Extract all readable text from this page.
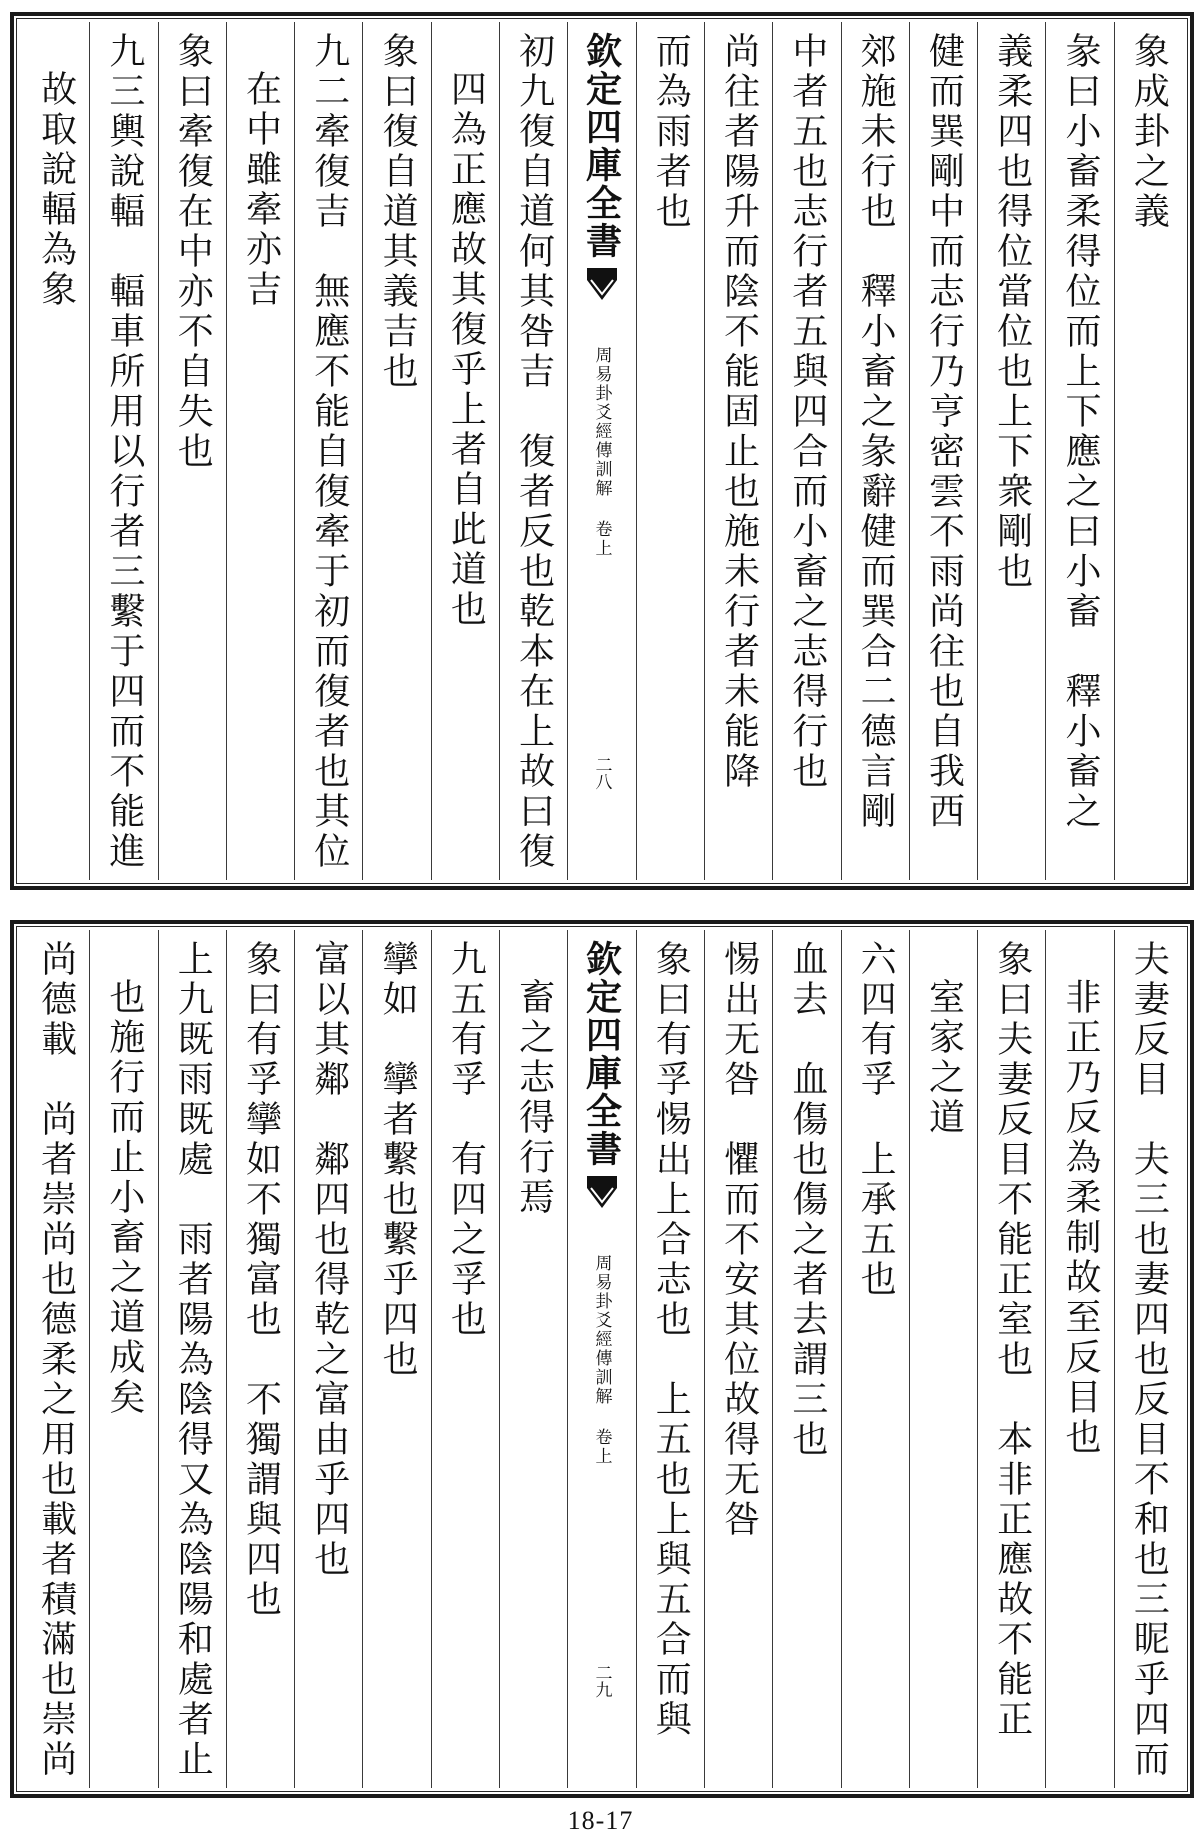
象成卦之義
彖曰小畜柔得位而上下應之曰小畜　釋小畜之
義柔四也得位當位也上下衆剛也
健而巽剛中而志行乃亨密雲不雨尚往也自我西
郊施未行也　釋小畜之彖辭健而巽合二德言剛
中者五也志行者五與四合而小畜之志得行也
尚往者陽升而陰不能固止也施未行者未能降
而為雨者也
欽定四庫全書
周易卦爻經傳訓解 卷上
二八
初九復自道何其咎吉　復者反也乾本在上故曰復
四為正應故其復乎上者自此道也
象曰復自道其義吉也
九二牽復吉　無應不能自復牽于初而復者也其位
在中雖牽亦吉
象曰牽復在中亦不自失也
九三輿說輻　輻車所用以行者三繫于四而不能進
故取說輻為象
夫妻反目　夫三也妻四也反目不和也三昵乎四而
非正乃反為柔制故至反目也
象曰夫妻反目不能正室也　本非正應故不能正
室家之道
六四有孚　上承五也
血去　血傷也傷之者去謂三也
惕出无咎　懼而不安其位故得无咎
象曰有孚惕出上合志也　上五也上與五合而與
欽定四庫全書
周易卦爻經傳訓解 卷上
二九
畜之志得行焉
九五有孚　有四之孚也
攣如　攣者繫也繫乎四也
富以其鄰　鄰四也得乾之富由乎四也
象曰有孚攣如不獨富也　不獨謂與四也
上九既雨既處　雨者陽為陰得又為陰陽和處者止
也施行而止小畜之道成矣
尚德載　尚者崇尚也德柔之用也載者積滿也崇尚
18-17
